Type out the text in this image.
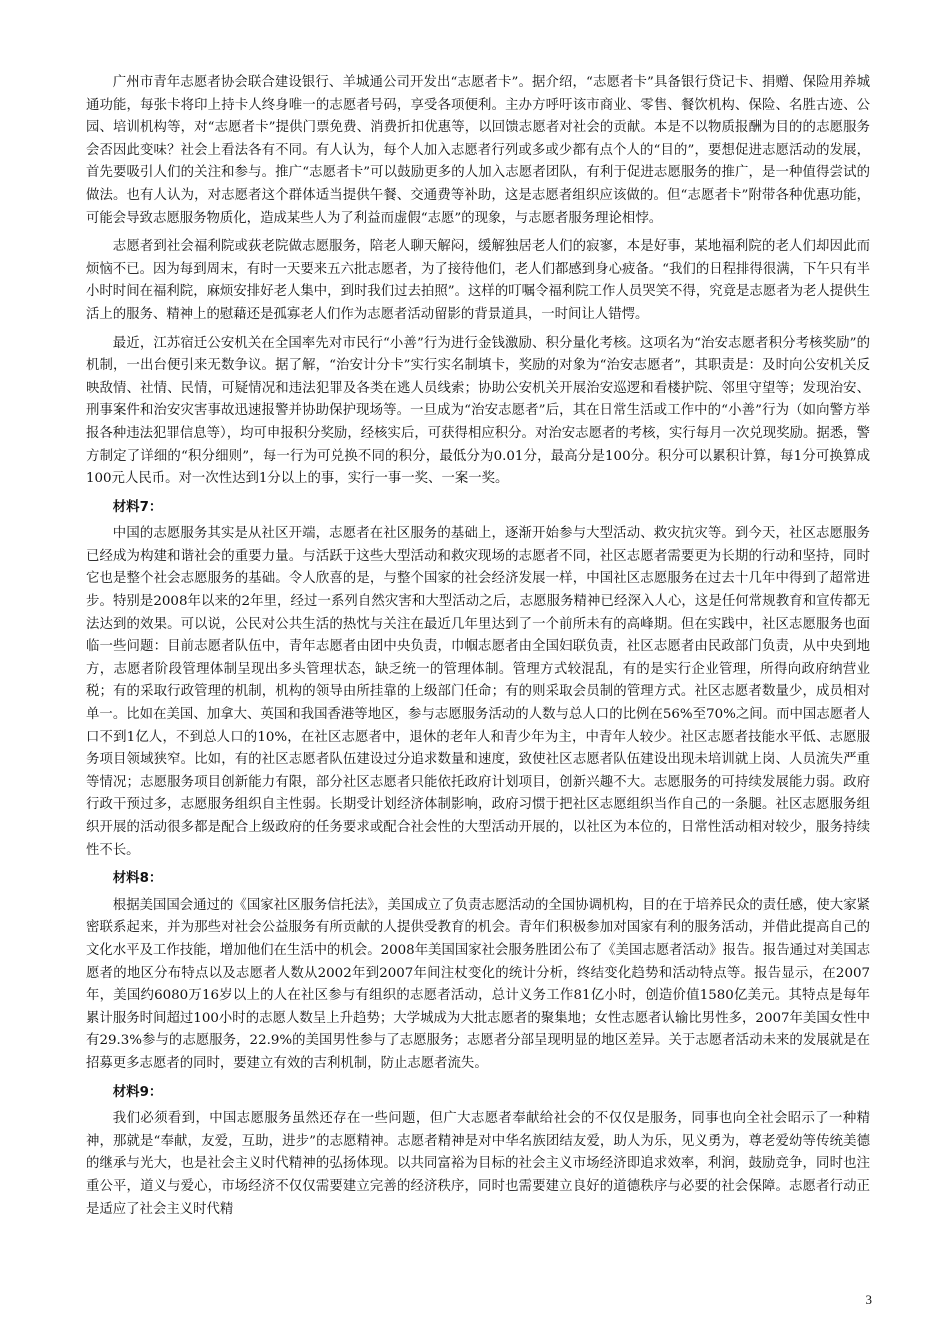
广州市青年志愿者协会联合建设银行、羊城通公司开发出“志愿者卡”。据介绍，“志愿者卡”具备银行贷记卡、捐赠、保险用养城通功能，每张卡将印上持卡人终身唯一的志愿者号码，享受各项便利。主办方呼吁该市商业、零售、餐饮机构、保险、名胜古迹、公园、培训机构等，对“志愿者卡”提供门票免费、消费折扣优惠等，以回馈志愿者对社会的贡献。本是不以物质报酬为目的的志愿服务会否因此变味？社会上看法各有不同。有人认为，每个人加入志愿者行列或多或少都有点个人的“目的”，要想促进志愿活动的发展，首先要吸引人们的关注和参与。推广“志愿者卡”可以鼓励更多的人加入志愿者团队，有利于促进志愿服务的推广，是一种值得尝试的做法。也有人认为，对志愿者这个群体适当提供午餐、交通费等补助，这是志愿者组织应该做的。但“志愿者卡”附带各种优惠功能，可能会导致志愿服务物质化，造成某些人为了利益而虚假“志愿”的现象，与志愿者服务理论相悖。

志愿者到社会福利院或荻老院做志愿服务，陪老人聊天解闷，缓解独居老人们的寂寥，本是好事，某地福利院的老人们却因此而烦恼不已。因为每到周末，有时一天要来五六批志愿者，为了接待他们，老人们都感到身心疲备。“我们的日程排得很满，下午只有半小时时间在福利院，麻烦安排好老人集中，到时我们过去拍照”。这样的叮嘱令福利院工作人员哭笑不得，究竟是志愿者为老人提供生活上的服务、精神上的慰藉还是孤寡老人们作为志愿者活动留影的背景道具，一时间让人错愕。

最近，江苏宿迁公安机关在全国率先对市民行“小善”行为进行金钱激励、积分量化考核。这项名为“治安志愿者积分考核奖励”的机制，一出台便引来无数争议。据了解，“治安计分卡”实行实名制填卡，奖励的对象为“治安志愿者”，其职责是：及时向公安机关反映敌情、社情、民情，可疑情况和违法犯罪及各类在逃人员线索；协助公安机关开展治安巡逻和看楼护院、邻里守望等；发现治安、刑事案件和治安灾害事故迅速报警并协助保护现场等。一旦成为“治安志愿者”后，其在日常生活或工作中的“小善”行为（如向警方举报各种违法犯罪信息等），均可申报积分奖励，经核实后，可获得相应积分。对治安志愿者的考核，实行每月一次兑现奖励。据悉，警方制定了详细的“积分细则”，每一行为可兑换不同的积分，最低分为0.01分，最高分是100分。积分可以累积计算，每1分可换算成100元人民币。对一次性达到1分以上的事，实行一事一奖、一案一奖。

材料7：

中国的志愿服务其实是从社区开端，志愿者在社区服务的基础上，逐渐开始参与大型活动、救灾抗灾等。到今天，社区志愿服务已经成为构建和谐社会的重要力量。与活跃于这些大型活动和救灾现场的志愿者不同，社区志愿者需要更为长期的行动和坚持，同时它也是整个社会志愿服务的基础。令人欣喜的是，与整个国家的社会经济发展一样，中国社区志愿服务在过去十几年中得到了超常进步。特别是2008年以来的2年里，经过一系列自然灾害和大型活动之后，志愿服务精神已经深入人心，这是任何常规教育和宣传都无法达到的效果。可以说，公民对公共生活的热忱与关注在最近几年里达到了一个前所未有的高峰期。但在实践中，社区志愿服务也面临一些问题：目前志愿者队伍中，青年志愿者由团中央负责，巾帼志愿者由全国妇联负责，社区志愿者由民政部门负责，从中央到地方，志愿者阶段管理体制呈现出多头管理状态，缺乏统一的管理体制。管理方式较混乱，有的是实行企业管理，所得向政府纳营业税；有的采取行政管理的机制，机构的领导由所挂靠的上级部门任命；有的则采取会员制的管理方式。社区志愿者数量少，成员相对单一。比如在美国、加拿大、英国和我国香港等地区，参与志愿服务活动的人数与总人口的比例在56%至70%之间。而中国志愿者人口不到1亿人，不到总人口的10%，在社区志愿者中，退休的老年人和青少年为主，中青年人较少。社区志愿者技能水平低、志愿服务项目领域狭窄。比如，有的社区志愿者队伍建设过分追求数量和速度，致使社区志愿者队伍建设出现未培训就上岗、人员流失严重等情况；志愿服务项目创新能力有限，部分社区志愿者只能依托政府计划项目，创新兴趣不大。志愿服务的可持续发展能力弱。政府行政干预过多，志愿服务组织自主性弱。长期受计划经济体制影响，政府习惯于把社区志愿组织当作自己的一条腿。社区志愿服务组织开展的活动很多都是配合上级政府的任务要求或配合社会性的大型活动开展的，以社区为本位的，日常性活动相对较少，服务持续性不长。

材料8：

根据美国国会通过的《国家社区服务信托法》，美国成立了负责志愿活动的全国协调机构，目的在于培养民众的责任感，使大家紧密联系起来，并为那些对社会公益服务有所贡献的人提供受教育的机会。青年们积极参加对国家有利的服务活动，并借此提高自己的文化水平及工作技能，增加他们在生活中的机会。2008年美国国家社会服务胜团公布了《美国志愿者活动》报告。报告通过对美国志愿者的地区分布特点以及志愿者人数从2002年到2007年间注杖变化的统计分析，终结变化趋势和活动特点等。报告显示，在2007年，美国约6080万16岁以上的人在社区参与有组织的志愿者活动，总计义务工作81亿小时，创造价值1580亿美元。其特点是每年累计服务时间超过100小时的志愿人数呈上升趋势；大学城成为大批志愿者的聚集地；女性志愿者认输比男性多，2007年美国女性中有29.3%参与的志愿服务，22.9%的美国男性参与了志愿服务；志愿者分部呈现明显的地区差异。关于志愿者活动未来的发展就是在招募更多志愿者的同时，要建立有效的吉利机制，防止志愿者流失。

材料9：

我们必须看到，中国志愿服务虽然还存在一些问题，但广大志愿者奉献给社会的不仅仅是服务，同事也向全社会昭示了一种精神，那就是“奉献，友爱，互助，进步”的志愿精神。志愿者精神是对中华名族团结友爱，助人为乐，见义勇为，尊老爱幼等传统美德的继承与光大，也是社会主义时代精神的弘扬体现。以共同富裕为目标的社会主义市场经济即追求效率，利润，鼓励竞争，同时也注重公平，道义与爱心，市场经济不仅仅需要建立完善的经济秩序，同时也需要建立良好的道德秩序与必要的社会保障。志愿者行动正是适应了社会主义时代精

3
